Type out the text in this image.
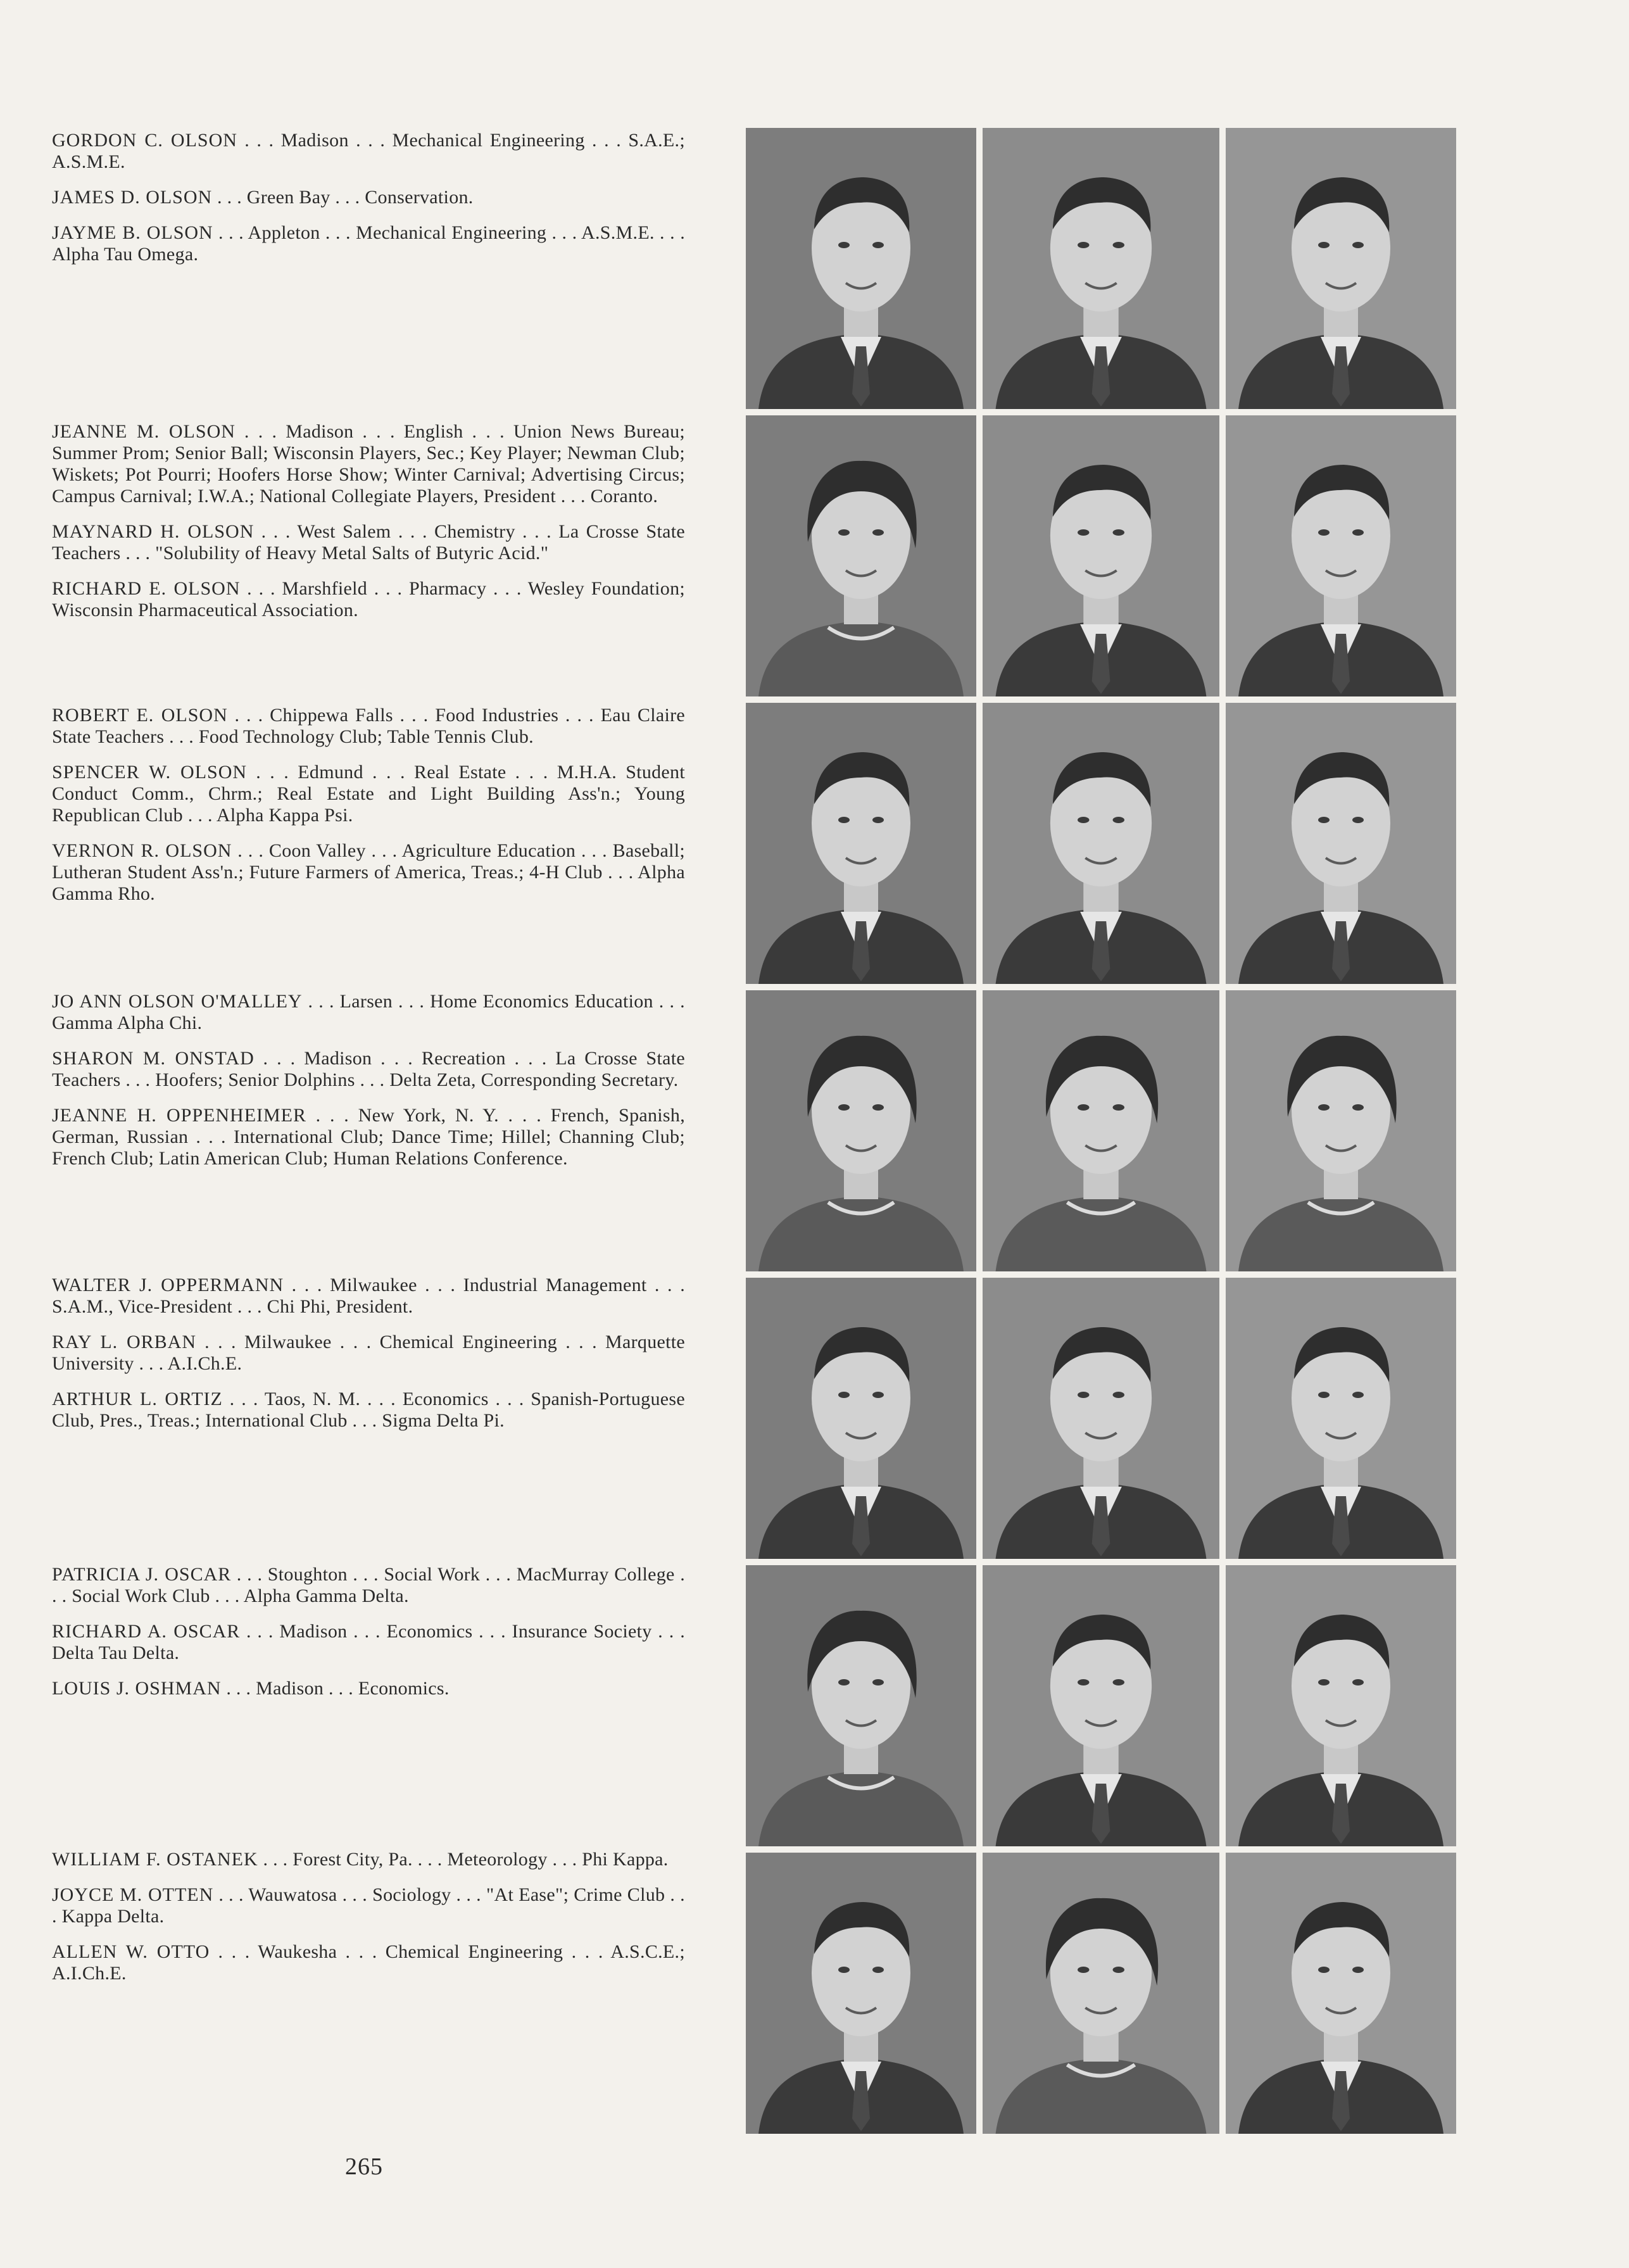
GORDON C. OLSON . . . Madison . . . Mechanical Engineering . . . S.A.E.; A.S.M.E.

JAMES D. OLSON . . . Green Bay . . . Conservation.

JAYME B. OLSON . . . Appleton . . . Mechanical Engineering . . . A.S.M.E. . . . Alpha Tau Omega.

JEANNE M. OLSON . . . Madison . . . English . . . Union News Bureau; Summer Prom; Senior Ball; Wisconsin Players, Sec.; Key Player; Newman Club; Wiskets; Pot Pourri; Hoofers Horse Show; Winter Carnival; Advertising Circus; Campus Carnival; I.W.A.; National Collegiate Players, President . . . Coranto.

MAYNARD H. OLSON . . . West Salem . . . Chemistry . . . La Crosse State Teachers . . . "Solubility of Heavy Metal Salts of Butyric Acid."

RICHARD E. OLSON . . . Marshfield . . . Pharmacy . . . Wesley Foundation; Wisconsin Pharmaceutical Association.

ROBERT E. OLSON . . . Chippewa Falls . . . Food Industries . . . Eau Claire State Teachers . . . Food Technology Club; Table Tennis Club.

SPENCER W. OLSON . . . Edmund . . . Real Estate . . . M.H.A. Student Conduct Comm., Chrm.; Real Estate and Light Building Ass'n.; Young Republican Club . . . Alpha Kappa Psi.

VERNON R. OLSON . . . Coon Valley . . . Agriculture Education . . . Baseball; Lutheran Student Ass'n.; Future Farmers of America, Treas.; 4-H Club . . . Alpha Gamma Rho.

JO ANN OLSON O'MALLEY . . . Larsen . . . Home Economics Education . . . Gamma Alpha Chi.

SHARON M. ONSTAD . . . Madison . . . Recreation . . . La Crosse State Teachers . . . Hoofers; Senior Dolphins . . . Delta Zeta, Corresponding Secretary.

JEANNE H. OPPENHEIMER . . . New York, N. Y. . . . French, Spanish, German, Russian . . . International Club; Dance Time; Hillel; Channing Club; French Club; Latin American Club; Human Relations Conference.

WALTER J. OPPERMANN . . . Milwaukee . . . Industrial Management . . . S.A.M., Vice-President . . . Chi Phi, President.

RAY L. ORBAN . . . Milwaukee . . . Chemical Engineering . . . Marquette University . . . A.I.Ch.E.

ARTHUR L. ORTIZ . . . Taos, N. M. . . . Economics . . . Spanish-Portuguese Club, Pres., Treas.; International Club . . . Sigma Delta Pi.

PATRICIA J. OSCAR . . . Stoughton . . . Social Work . . . MacMurray College . . . Social Work Club . . . Alpha Gamma Delta.

RICHARD A. OSCAR . . . Madison . . . Economics . . . Insurance Society . . . Delta Tau Delta.

LOUIS J. OSHMAN . . . Madison . . . Economics.

WILLIAM F. OSTANEK . . . Forest City, Pa. . . . Meteorology . . . Phi Kappa.

JOYCE M. OTTEN . . . Wauwatosa . . . Sociology . . . "At Ease"; Crime Club . . . Kappa Delta.

ALLEN W. OTTO . . . Waukesha . . . Chemical Engineering . . . A.S.C.E.; A.I.Ch.E.

265
